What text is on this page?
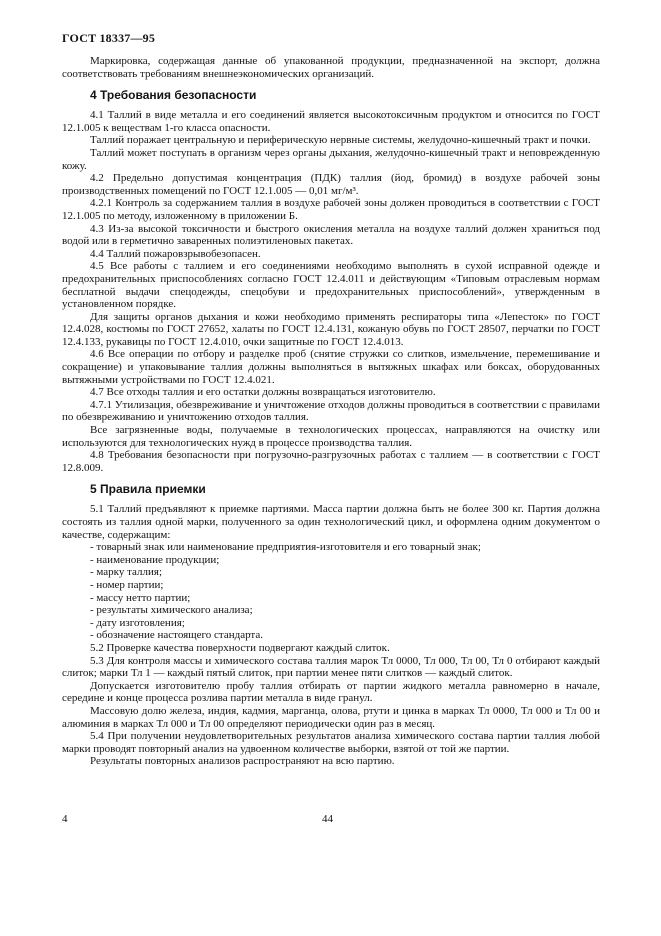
ГОСТ 18337—95

Маркировка, содержащая данные об упакованной продукции, предназначенной на экспорт, должна соответствовать требованиям внешнеэкономических организаций.

4 Требования безопасности

4.1 Таллий в виде металла и его соединений является высокотоксичным продуктом и относится по ГОСТ 12.1.005 к веществам 1-го класса опасности.

Таллий поражает центральную и периферическую нервные системы, желудочно-кишечный тракт и почки.

Таллий может поступать в организм через органы дыхания, желудочно-кишечный тракт и неповрежденную кожу.

4.2 Предельно допустимая концентрация (ПДК) таллия (йод, бромид) в воздухе рабочей зоны производственных помещений по ГОСТ 12.1.005 — 0,01 мг/м³.

4.2.1 Контроль за содержанием таллия в воздухе рабочей зоны должен проводиться в соответствии с ГОСТ 12.1.005 по методу, изложенному в приложении Б.

4.3 Из-за высокой токсичности и быстрого окисления металла на воздухе таллий должен храниться под водой или в герметично заваренных полиэтиленовых пакетах.

4.4 Таллий пожаровзрывобезопасен.

4.5 Все работы с таллием и его соединениями необходимо выполнять в сухой исправной одежде и предохранительных приспособлениях согласно ГОСТ 12.4.011 и действующим «Типовым отраслевым нормам бесплатной выдачи спецодежды, спецобуви и предохранительных приспособлений», утвержденным в установленном порядке.

Для защиты органов дыхания и кожи необходимо применять респираторы типа «Лепесток» по ГОСТ 12.4.028, костюмы по ГОСТ 27652, халаты по ГОСТ 12.4.131, кожаную обувь по ГОСТ 28507, перчатки по ГОСТ 12.4.133, рукавицы по ГОСТ 12.4.010, очки защитные по ГОСТ 12.4.013.

4.6 Все операции по отбору и разделке проб (снятие стружки со слитков, измельчение, перемешивание и сокращение) и упаковывание таллия должны выполняться в вытяжных шкафах или боксах, оборудованных вытяжными устройствами по ГОСТ 12.4.021.

4.7 Все отходы таллия и его остатки должны возвращаться изготовителю.

4.7.1 Утилизация, обезвреживание и уничтожение отходов должны проводиться в соответствии с правилами по обезвреживанию и уничтожению отходов таллия.

Все загрязненные воды, получаемые в технологических процессах, направляются на очистку или используются для технологических нужд в процессе производства таллия.

4.8 Требования безопасности при погрузочно-разгрузочных работах с таллием — в соответствии с ГОСТ 12.8.009.

5 Правила приемки

5.1 Таллий предъявляют к приемке партиями. Масса партии должна быть не более 300 кг. Партия должна состоять из таллия одной марки, полученного за один технологический цикл, и оформлена одним документом о качестве, содержащим:

- товарный знак или наименование предприятия-изготовителя и его товарный знак;
- наименование продукции;
- марку таллия;
- номер партии;
- массу нетто партии;
- результаты химического анализа;
- дату изготовления;
- обозначение настоящего стандарта.

5.2 Проверке качества поверхности подвергают каждый слиток.

5.3 Для контроля массы и химического состава таллия марок Тл 0000, Тл 000, Тл 00, Тл 0 отбирают каждый слиток; марки Тл 1 — каждый пятый слиток, при партии менее пяти слитков — каждый слиток.

Допускается изготовителю пробу таллия отбирать от партии жидкого металла равномерно в начале, середине и конце процесса розлива партии металла в виде гранул.

Массовую долю железа, индия, кадмия, марганца, олова, ртути и цинка в марках Тл 0000, Тл 000 и Тл 00 и алюминия в марках Тл 000 и Тл 00 определяют периодически один раз в месяц.

5.4 При получении неудовлетворительных результатов анализа химического состава партии таллия любой марки проводят повторный анализ на удвоенном количестве выборки, взятой от той же партии.

Результаты повторных анализов распространяют на всю партию.

4	44
